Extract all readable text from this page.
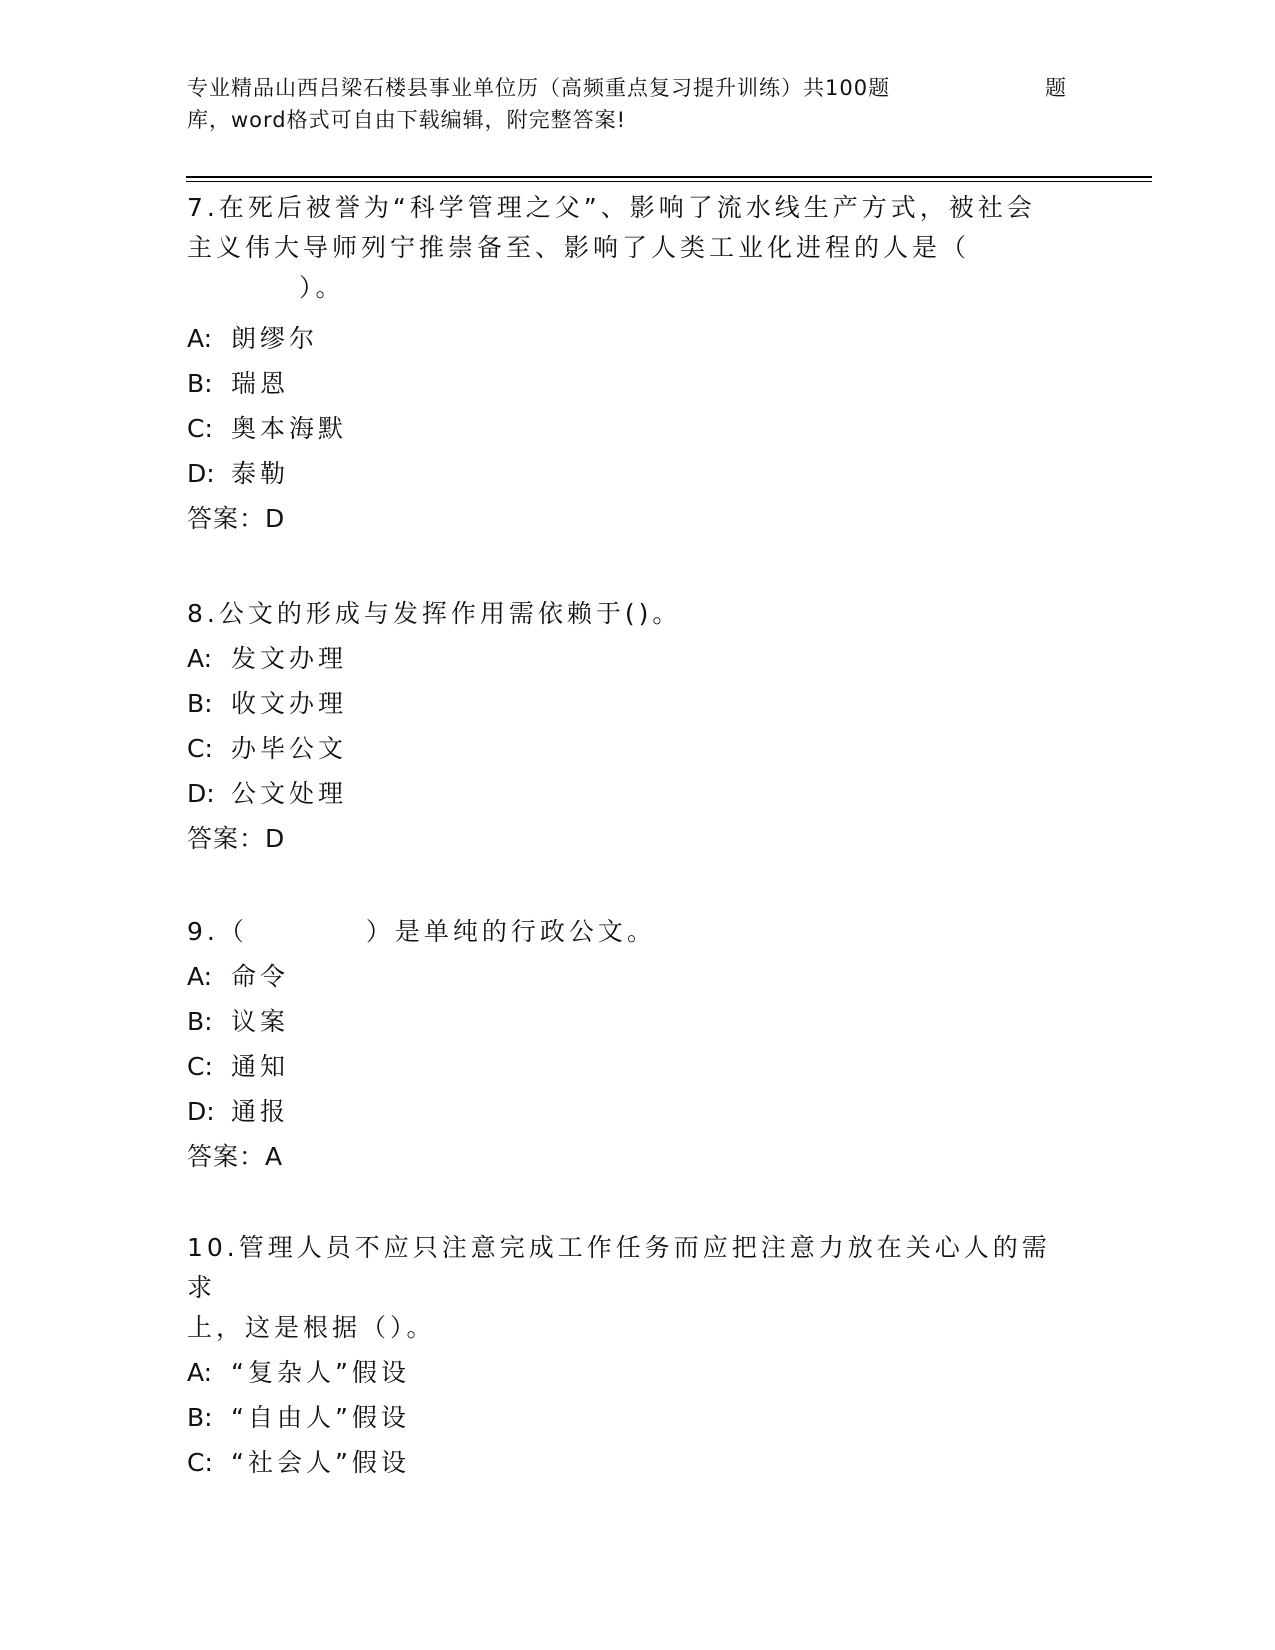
专业精品山西吕梁石楼县事业单位历（高频重点复习提升训练）共100题	题
库，word格式可自由下载编辑，附完整答案!

7.在死后被誉为“科学管理之父”、影响了流水线生产方式，被社会
主义伟大导师列宁推崇备至、影响了人类工业化进程的人是（
）。

A: 朗缪尔

B: 瑞恩

C: 奥本海默

D: 泰勒

答案：D

8.公文的形成与发挥作用需依赖于()。

A: 发文办理

B: 收文办理

C: 办毕公文

D: 公文处理

答案：D

9.（	）是单纯的行政公文。

A: 命令

B: 议案

C: 通知

D: 通报

答案：A

10.管理人员不应只注意完成工作任务而应把注意力放在关心人的需求
上，这是根据（）。

A: “复杂人”假设

B: “自由人”假设

C: “社会人”假设
